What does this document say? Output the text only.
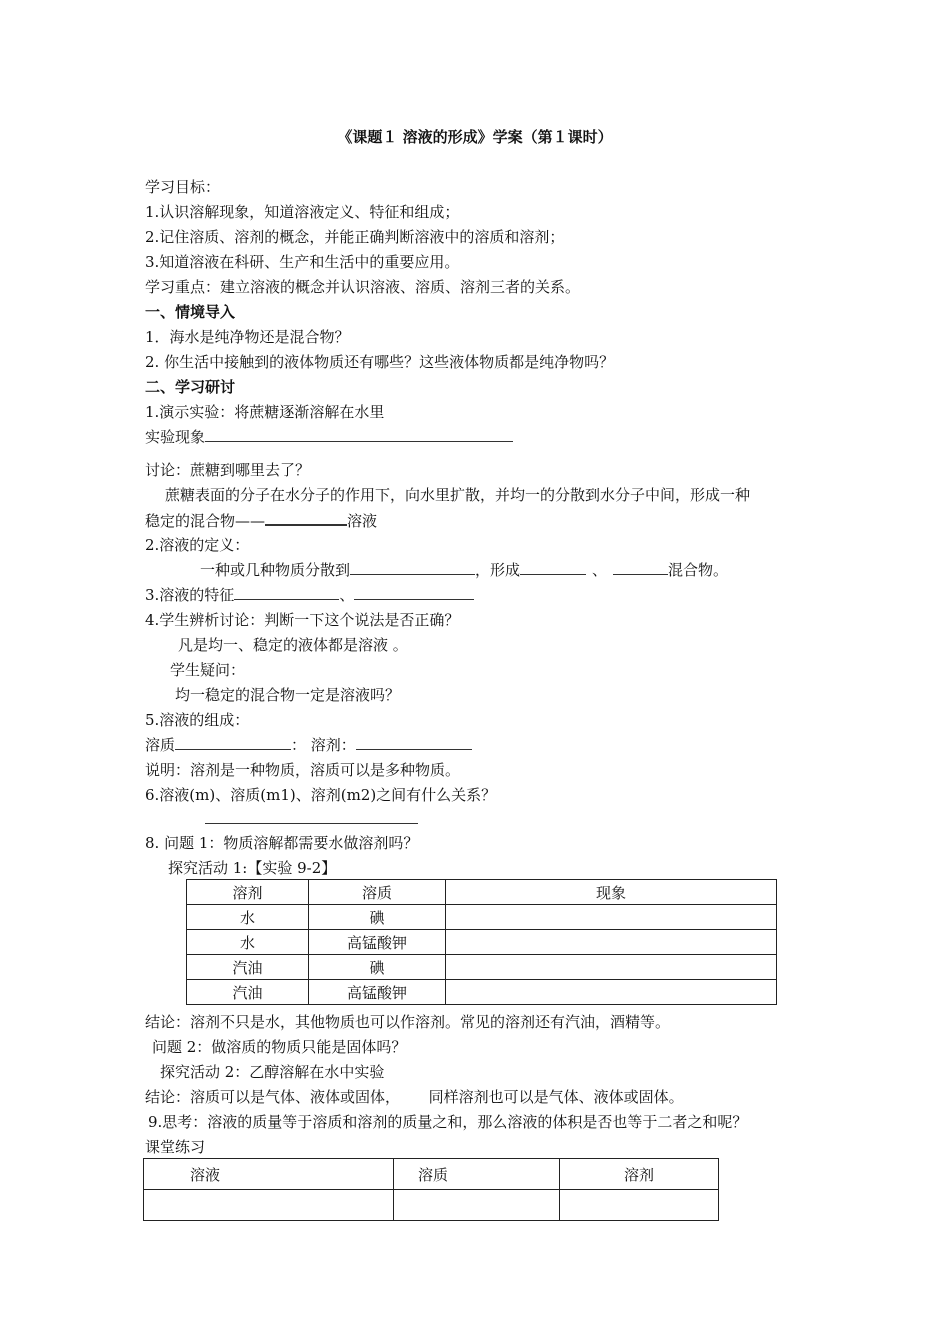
《课题１ 溶液的形成》学案（第１课时）
学习目标：
1.认识溶解现象，知道溶液定义、特征和组成；
2.记住溶质、溶剂的概念，并能正确判断溶液中的溶质和溶剂；
3.知道溶液在科研、生产和生活中的重要应用。
学习重点：建立溶液的概念并认识溶液、溶质、溶剂三者的关系。
一、情境导入
1．海水是纯净物还是混合物？
2. 你生活中接触到的液体物质还有哪些？这些液体物质都是纯净物吗？
二、学习研讨
1.演示实验：将蔗糖逐渐溶解在水里
实验现象
讨论：蔗糖到哪里去了？
蔗糖表面的分子在水分子的作用下，向水里扩散，并均一的分散到水分子中间，形成一种
稳定的混合物——	溶液
2.溶液的定义：
一种或几种物质分散到	，形成	、	混合物。
3.溶液的特征	、
4.学生辨析讨论：判断一下这个说法是否正确？
凡是均一、稳定的液体都是溶液 。
学生疑问：
均一稳定的混合物一定是溶液吗？
5.溶液的组成：
溶质	： 溶剂：
说明：溶剂是一种物质，溶质可以是多种物质。
6.溶液(m)、溶质(m1)、溶剂(m2)之间有什么关系？
8. 问题 1：物质溶解都需要水做溶剂吗？
探究活动 1:【实验 9-2】
溶剂	溶质	现象
水	碘	
水	高锰酸钾	
汽油	碘	
汽油	高锰酸钾	
结论：溶剂不只是水，其他物质也可以作溶剂。常见的溶剂还有汽油，酒精等。
问题 2：做溶质的物质只能是固体吗？
探究活动 2：乙醇溶解在水中实验
结论：溶质可以是气体、液体或固体，      同样溶剂也可以是气体、液体或固体。
9.思考：溶液的质量等于溶质和溶剂的质量之和，那么溶液的体积是否也等于二者之和呢？
课堂练习
溶液	溶质	溶剂
